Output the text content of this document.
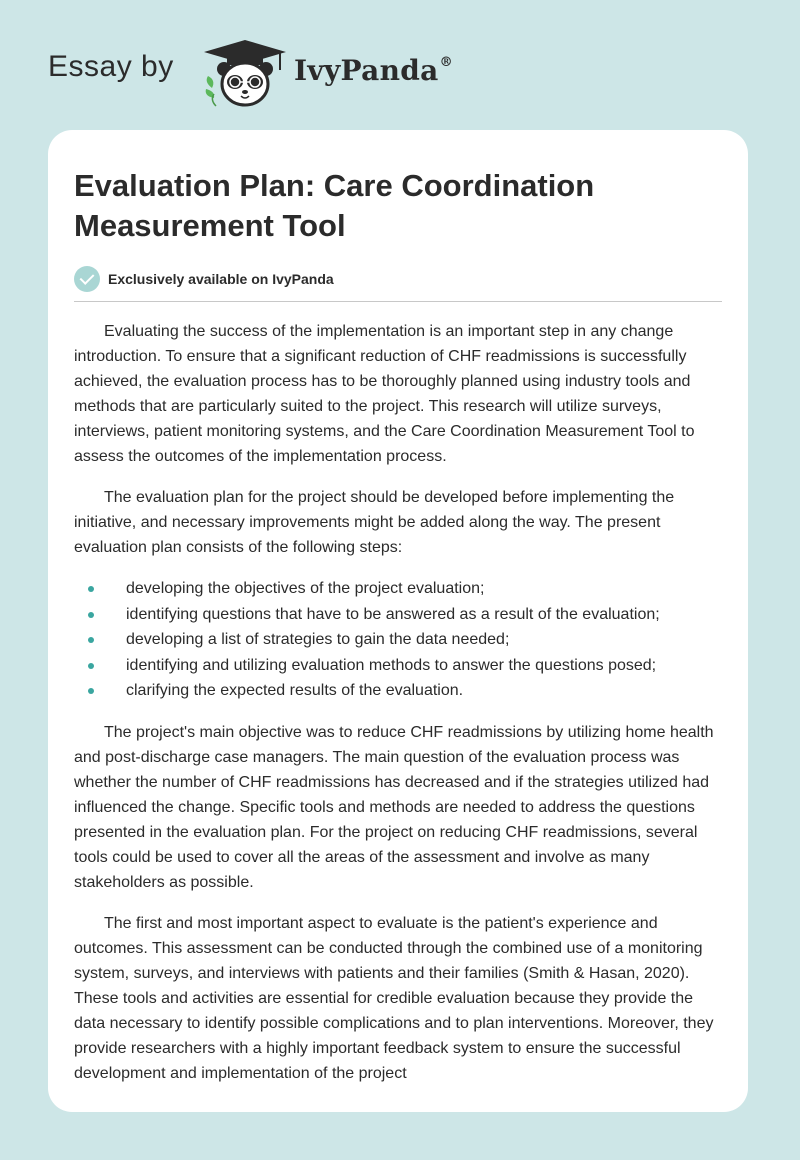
Essay by	IvyPanda®
Evaluation Plan: Care Coordination Measurement Tool
Exclusively available on IvyPanda

Evaluating the success of the implementation is an important step in any change introduction. To ensure that a significant reduction of CHF readmissions is successfully achieved, the evaluation process has to be thoroughly planned using industry tools and methods that are particularly suited to the project. This research will utilize surveys, interviews, patient monitoring systems, and the Care Coordination Measurement Tool to assess the outcomes of the implementation process.

The evaluation plan for the project should be developed before implementing the initiative, and necessary improvements might be added along the way. The present evaluation plan consists of the following steps:

developing the objectives of the project evaluation;
identifying questions that have to be answered as a result of the evaluation;
developing a list of strategies to gain the data needed;
identifying and utilizing evaluation methods to answer the questions posed;
clarifying the expected results of the evaluation.

The project's main objective was to reduce CHF readmissions by utilizing home health and post-discharge case managers. The main question of the evaluation process was whether the number of CHF readmissions has decreased and if the strategies utilized had influenced the change. Specific tools and methods are needed to address the questions presented in the evaluation plan. For the project on reducing CHF readmissions, several tools could be used to cover all the areas of the assessment and involve as many stakeholders as possible.

The first and most important aspect to evaluate is the patient's experience and outcomes. This assessment can be conducted through the combined use of a monitoring system, surveys, and interviews with patients and their families (Smith & Hasan, 2020). These tools and activities are essential for credible evaluation because they provide the data necessary to identify possible complications and to plan interventions. Moreover, they provide researchers with a highly important feedback system to ensure the successful development and implementation of the project
